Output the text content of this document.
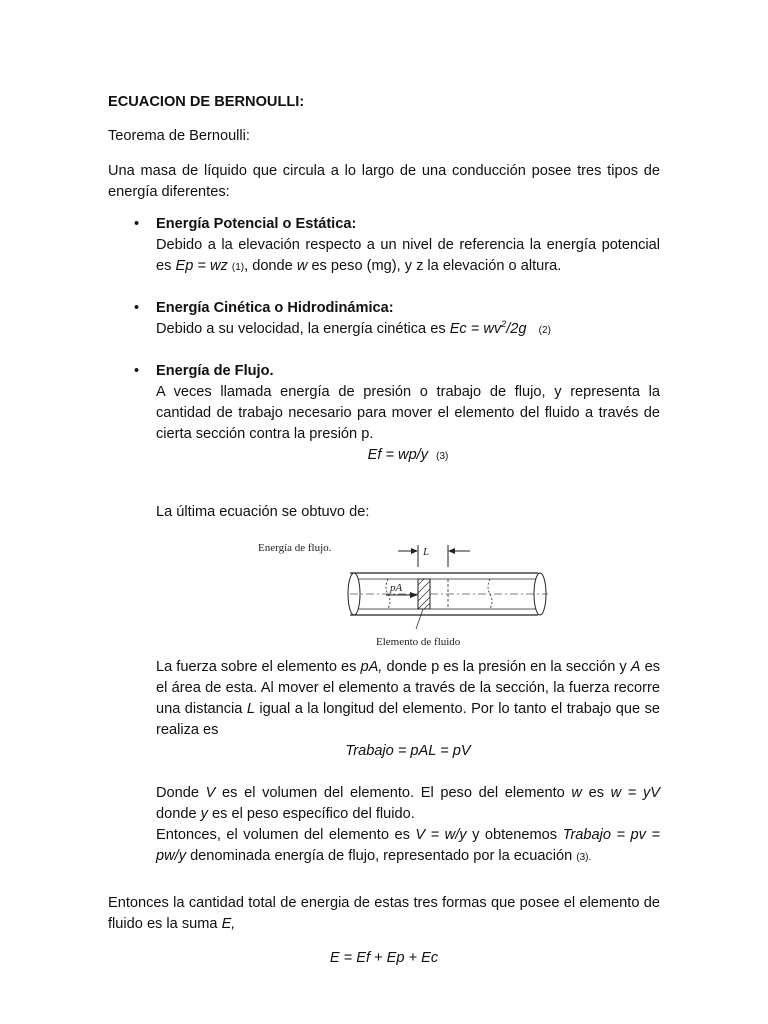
ECUACION DE BERNOULLI:

Teorema de Bernoulli:

Una masa de líquido que circula a lo largo de una conducción posee tres tipos de energía diferentes:

• Energía Potencial o Estática:

Debido a la elevación respecto a un nivel de referencia la energía potencial es Ep = wz (1), donde w es peso (mg), y z la elevación o altura.

• Energía Cinética o Hidrodinámica:

Debido a su velocidad, la energía cinética es $Ec = wv^2/2g$ (2)

• Energía de Flujo.

A veces llamada energía de presión o trabajo de flujo, y representa la cantidad de trabajo necesario para mover el elemento del fluido a través de cierta sección contra la presión p.

Ef = wp/y (3)

La última ecuación se obtuvo de:

Energía de flujo.	L
pA
Elemento de fluido

La fuerza sobre el elemento es pA, donde p es la presión en la sección y A es el área de esta. Al mover el elemento a través de la sección, la fuerza recorre una distancia L igual a la longitud del elemento. Por lo tanto el trabajo que se realiza es

Trabajo = pAL = pV

Donde V es el volumen del elemento. El peso del elemento w es w = yV donde y es el peso específico del fluido.

Entonces, el volumen del elemento es V = w/y y obtenemos Trabajo = pv = pw/y denominada energía de flujo, representado por la ecuación (3).

Entonces la cantidad total de energia de estas tres formas que posee el elemento de fluido es la suma E,

E = Ef + Ep + Ec
